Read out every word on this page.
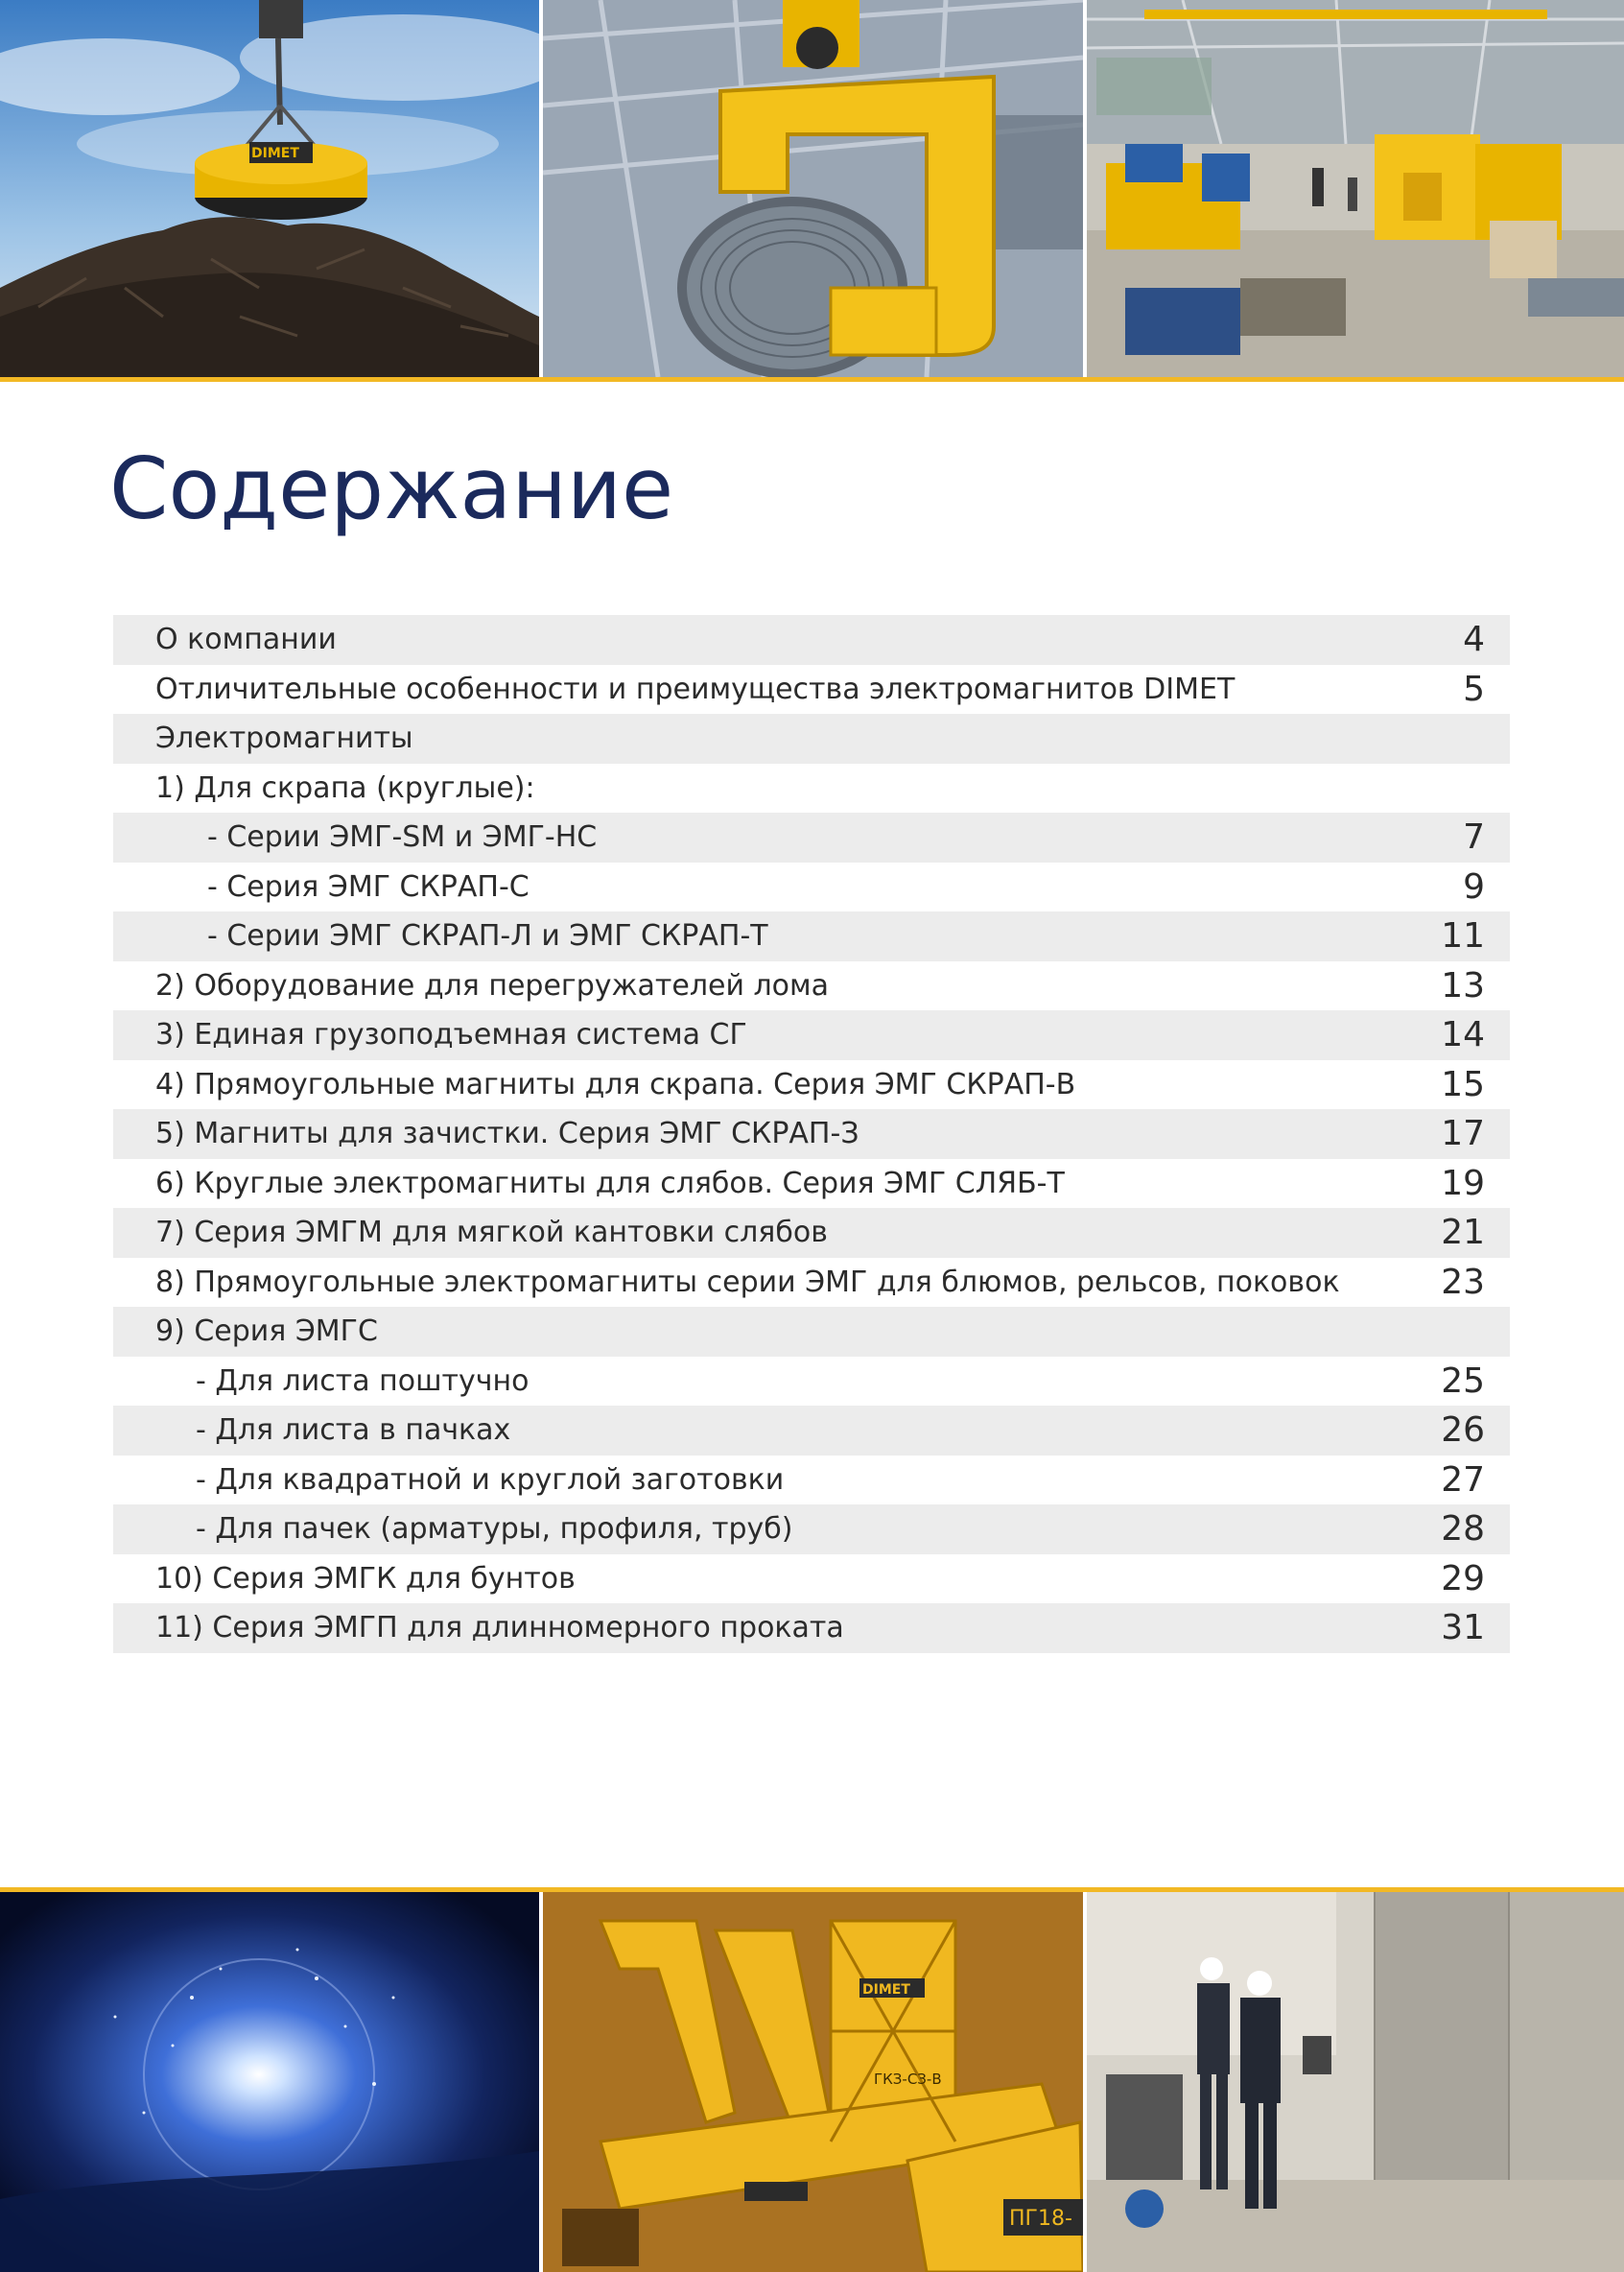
DIMET
Содержание
О компании	4
Отличительные особенности и преимущества электромагнитов DIMET	5
Электромагниты
1) Для скрапа (круглые):
- Серии ЭМГ-SM и ЭМГ-НС	7
- Серия ЭМГ СКРАП-С	9
- Серии ЭМГ СКРАП-Л и ЭМГ СКРАП-Т	11
2) Оборудование для перегружателей лома	13
3) Единая грузоподъемная система СГ	14
4) Прямоугольные магниты для скрапа. Серия ЭМГ СКРАП-В	15
5) Магниты для зачистки. Серия ЭМГ СКРАП-З	17
6) Круглые электромагниты для слябов. Серия ЭМГ СЛЯБ-Т	19
7) Серия ЭМГМ для мягкой кантовки слябов	21
8) Прямоугольные электромагниты серии ЭМГ для блюмов, рельсов, поковок	23
9) Серия ЭМГС
- Для листа поштучно	25
- Для листа в пачках	26
- Для квадратной и круглой заготовки	27
- Для пачек (арматуры, профиля, труб)	28
10) Серия ЭМГК для бунтов	29
11) Серия ЭМГП для длинномерного проката	31
DIMET
ГКЗ-СЗ-В
ПГ18-
